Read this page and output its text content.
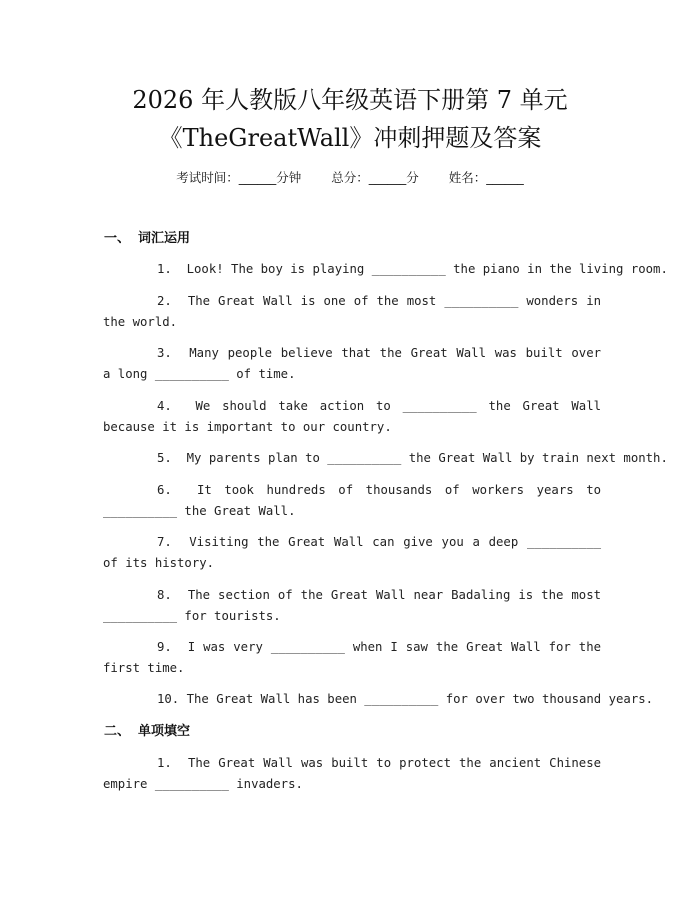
2026 年人教版八年级英语下册第 7 单元
《TheGreatWall》冲刺押题及答案
考试时间：______分钟 总分：______分 姓名：______
一、 词汇运用

1. Look! The boy is playing __________ the piano in the living room.

2. The Great Wall is one of the most __________ wonders in the world.

3. Many people believe that the Great Wall was built over a long __________ of time.

4. We should take action to __________ the Great Wall because it is important to our country.

5. My parents plan to __________ the Great Wall by train next month.

6. It took hundreds of thousands of workers years to __________ the Great Wall.

7. Visiting the Great Wall can give you a deep __________ of its history.

8. The section of the Great Wall near Badaling is the most __________ for tourists.

9. I was very __________ when I saw the Great Wall for the first time.

10. The Great Wall has been __________ for over two thousand years.

二、 单项填空

1. The Great Wall was built to protect the ancient Chinese empire __________ invaders.
